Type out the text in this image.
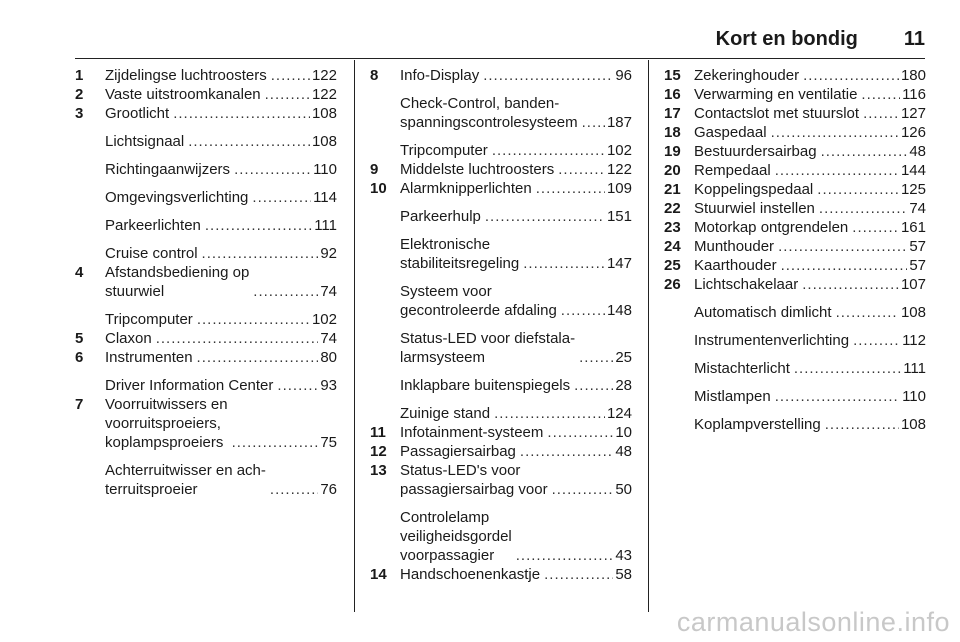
Kort en bondig 11
1	Zijdelingse luchtroosters .....	122
2	Vaste uitstroomkanalen .....	122
3	Grootlicht .....	108
Lichtsignaal .....	108
Richtingaanwijzers .....	110
Omgevingsverlichting .....	114
Parkeerlichten .....	111
Cruise control .....	92
4	Afstandsbediening op
stuurwiel .....	74
Tripcomputer .....	102
5	Claxon .....	74
6	Instrumenten .....	80
Driver Information Center .....	93
7	Voorruitwissers en
voorruitsproeiers,
koplampsproeiers .....	75
Achterruitwisser en ach-
terruitsproeier .....	76
8	Info-Display .....	96
Check-Control, banden-
spanningscontrolesysteem ..... 187
Tripcomputer .....	102
9	Middelste luchtroosters .....	122
10 Alarmknipperlichten .....	109
Parkeerhulp .....	151
Elektronische
stabiliteitsregeling .....	147
Systeem voor
gecontroleerde afdaling .....	148
Status-LED voor diefstala-
larmsysteem .....	25
Inklapbare buitenspiegels .....	28
Zuinige stand .....	124
11 Infotainment-systeem .....	10
12 Passagiersairbag .....	48
13 Status-LED's voor
passagiersairbag voor .....	50
Controlelamp
veiligheidsgordel
voorpassagier .....	43
14 Handschoenenkastje .....	58
15 Zekeringhouder .....	180
16 Verwarming en ventilatie .....	116
17 Contactslot met stuurslot .....	127
18 Gaspedaal .....	126
19 Bestuurdersairbag .....	48
20 Rempedaal .....	144
21 Koppelingspedaal .....	125
22 Stuurwiel instellen .....	74
23 Motorkap ontgrendelen .....	161
24 Munthouder .....	57
25 Kaarthouder .....	57
26 Lichtschakelaar .....	107
Automatisch dimlicht .....	108
Instrumentenverlichting .....	112
Mistachterlicht .....	111
Mistlampen .....	110
Koplampverstelling .....	108
carmanualsonline.info
